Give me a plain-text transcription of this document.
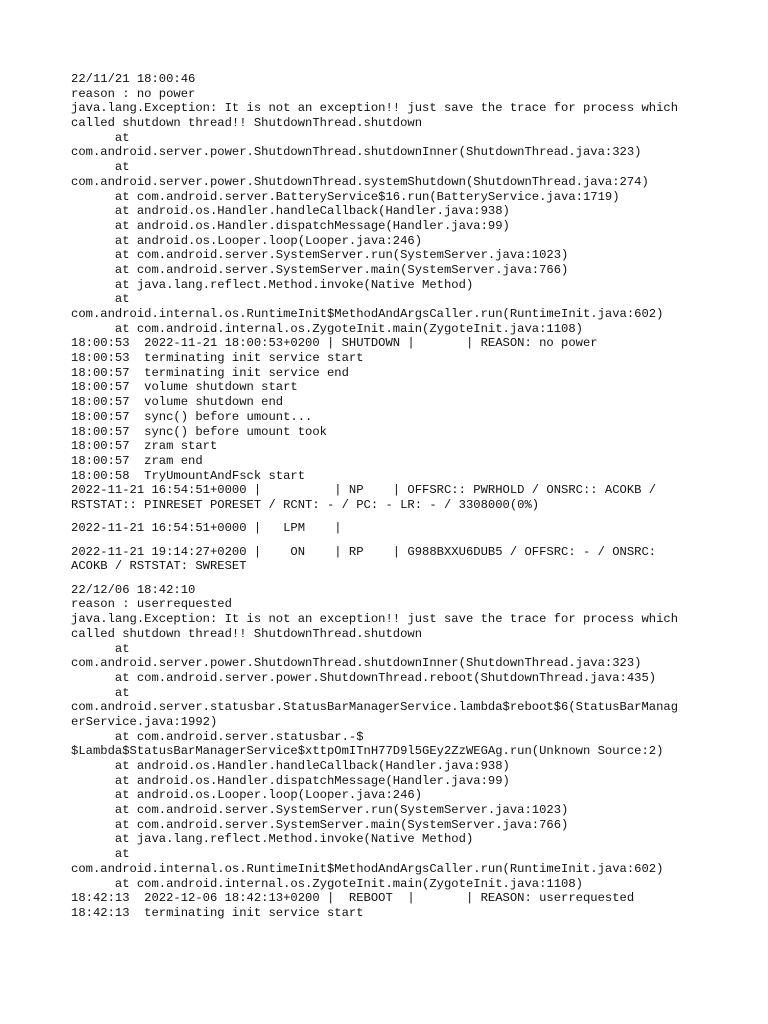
22/11/21 18:00:46
reason : no power
java.lang.Exception: It is not an exception!! just save the trace for process which
called shutdown thread!! ShutdownThread.shutdown
at
com.android.server.power.ShutdownThread.shutdownInner(ShutdownThread.java:323)
at
com.android.server.power.ShutdownThread.systemShutdown(ShutdownThread.java:274)
at com.android.server.BatteryService$16.run(BatteryService.java:1719)
at android.os.Handler.handleCallback(Handler.java:938)
at android.os.Handler.dispatchMessage(Handler.java:99)
at android.os.Looper.loop(Looper.java:246)
at com.android.server.SystemServer.run(SystemServer.java:1023)
at com.android.server.SystemServer.main(SystemServer.java:766)
at java.lang.reflect.Method.invoke(Native Method)
at
com.android.internal.os.RuntimeInit$MethodAndArgsCaller.run(RuntimeInit.java:602)
at com.android.internal.os.ZygoteInit.main(ZygoteInit.java:1108)
18:00:53  2022-11-21 18:00:53+0200 | SHUTDOWN |       | REASON: no power
18:00:53  terminating init service start
18:00:57  terminating init service end
18:00:57  volume shutdown start
18:00:57  volume shutdown end
18:00:57  sync() before umount...
18:00:57  sync() before umount took
18:00:57  zram start
18:00:57  zram end
18:00:58  TryUmountAndFsck start
2022-11-21 16:54:51+0000 |          | NP    | OFFSRC:: PWRHOLD / ONSRC:: ACOKB /
RSTSTAT:: PINRESET PORESET / RCNT: - / PC: - LR: - / 3308000(0%)
2022-11-21 16:54:51+0000 |   LPM    |
2022-11-21 19:14:27+0200 |    ON    | RP    | G988BXXU6DUB5 / OFFSRC: - / ONSRC:
ACOKB / RSTSTAT: SWRESET
22/12/06 18:42:10
reason : userrequested
java.lang.Exception: It is not an exception!! just save the trace for process which
called shutdown thread!! ShutdownThread.shutdown
at
com.android.server.power.ShutdownThread.shutdownInner(ShutdownThread.java:323)
at com.android.server.power.ShutdownThread.reboot(ShutdownThread.java:435)
at
com.android.server.statusbar.StatusBarManagerService.lambda$reboot$6(StatusBarManag
erService.java:1992)
at com.android.server.statusbar.-$
$Lambda$StatusBarManagerService$xttpOmITnH77D9l5GEy2ZzWEGAg.run(Unknown Source:2)
at android.os.Handler.handleCallback(Handler.java:938)
at android.os.Handler.dispatchMessage(Handler.java:99)
at android.os.Looper.loop(Looper.java:246)
at com.android.server.SystemServer.run(SystemServer.java:1023)
at com.android.server.SystemServer.main(SystemServer.java:766)
at java.lang.reflect.Method.invoke(Native Method)
at
com.android.internal.os.RuntimeInit$MethodAndArgsCaller.run(RuntimeInit.java:602)
at com.android.internal.os.ZygoteInit.main(ZygoteInit.java:1108)
18:42:13  2022-12-06 18:42:13+0200 |  REBOOT  |       | REASON: userrequested
18:42:13  terminating init service start
